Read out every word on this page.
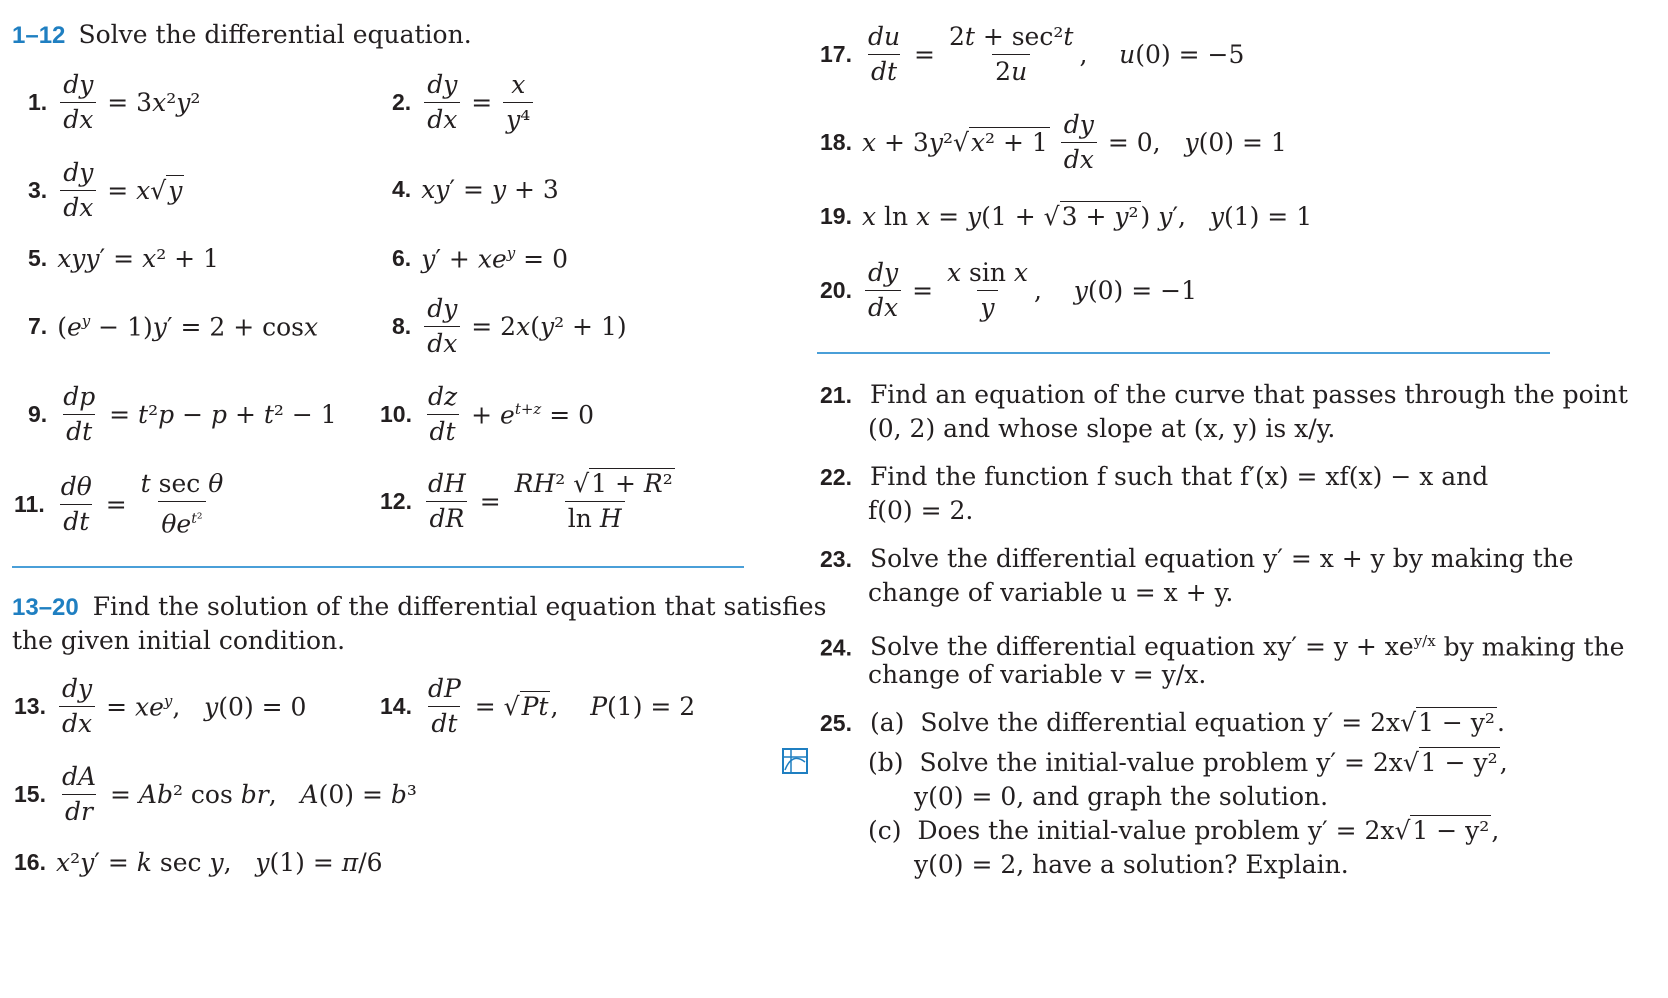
1–12 Solve the differential equation.
1. $\frac{dy}{dx} = 3x^2y^2$	2. $\frac{dy}{dx} = \frac{x}{\text{y⁴}}$
3. $\frac{dy}{dx} = x√y$	4. xy′ = y + 3
5. xyy′ = x² + 1	6. $y' + xe^y = 0$
7. $(e^y - 1)y' = 2 + \cos x$	8. $\frac{dy}{dx} = 2x(y^2 + 1)$
9. $\frac{dp}{dt} = t^2p - p + t^2 - 1$ 10. $\frac{dz}{dt} + e^{t+z} = 0$
11. $\frac{d\theta}{dt} = \frac{\text{t sec θ}}{\theta e^{t^2}}$	12. $\frac{dH}{dR} = \frac{\text{RH² √1 + R²}}{\text{ln H}}$
13–20 Find the solution of the differential equation that satisfies
the given initial condition.
13. $\frac{dy}{dx} = xe^y$,   y(0) = 0	14. $\frac{dP}{dt} = √Pt$,    P(1) = 2
15. $\frac{dA}{dr} = Ab^2$ cos br,   A(0) = b³
16. x²y′ = k sec y,   y(1) = π/6
17. $\frac{du}{dt} = \frac{\text{2t + sec²t}}{2u}$ ,    u(0) = −5
18. $x + 3y^2√x^2 + 1 \frac{dy}{dx} = 0$,   y(0) = 1
19. x ln x = y(1 + √3 + y²) y′,   y(1) = 1
20. $\frac{dy}{dx} = \frac{\text{x sin x}}{y}$ ,    y(0) = −1
21. Find an equation of the curve that passes through the point
(0, 2) and whose slope at (x, y) is x/y.
22. Find the function f such that f′(x) = xf(x) − x and
f(0) = 2.
23. Solve the differential equation y′ = x + y by making the
change of variable u = x + y.
24. Solve the differential equation $xy' = y + xe^{y/x}$ by making the
change of variable v = y/x.
25. (a) Solve the differential equation y′ = 2x√1 − y².
(b) Solve the initial-value problem y′ = 2x√1 − y²,
y(0) = 0, and graph the solution.
(c) Does the initial-value problem y′ = 2x√1 − y²,
y(0) = 2, have a solution? Explain.
